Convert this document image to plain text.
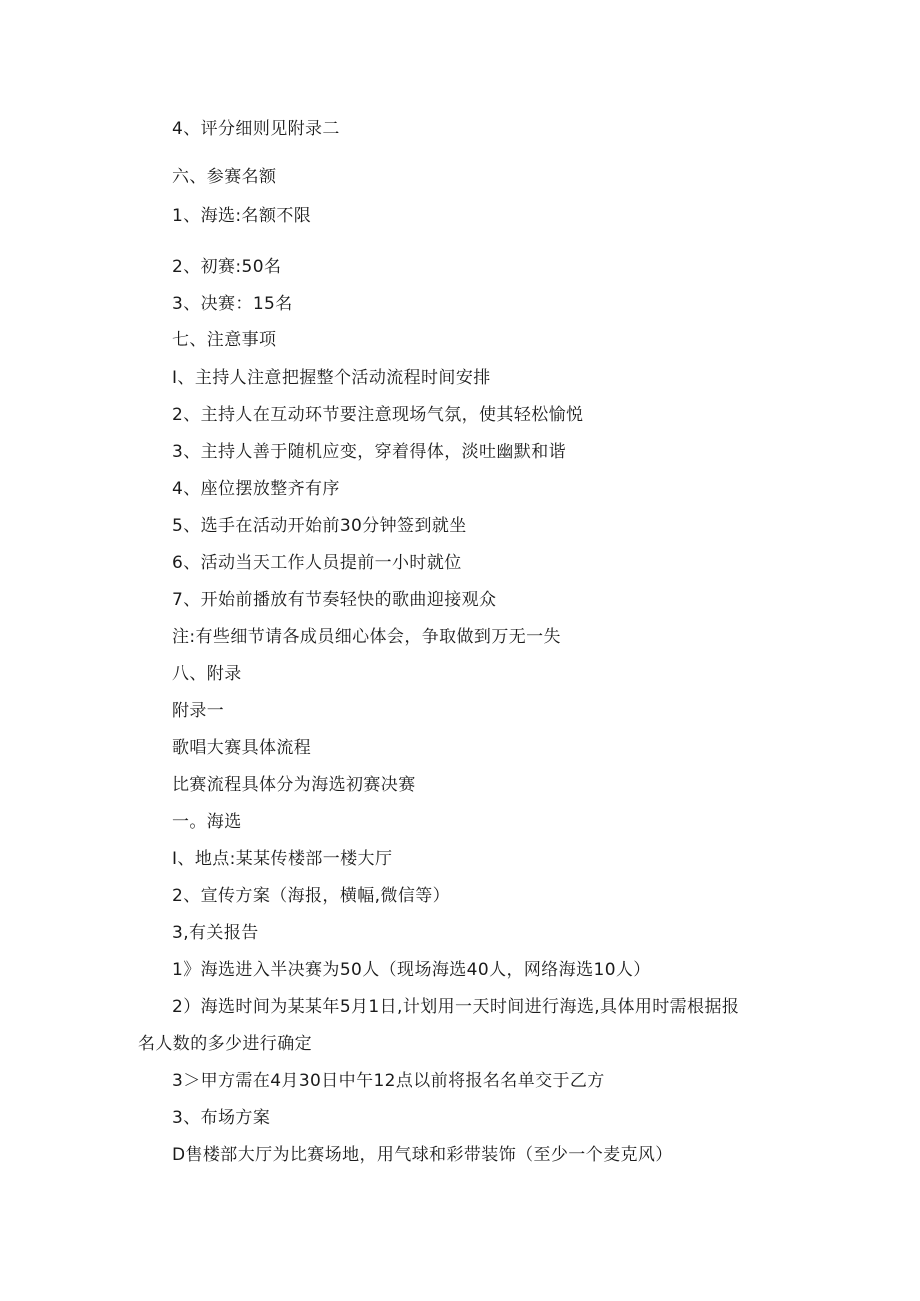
4、评分细则见附录二
六、参赛名额
1、海选:名额不限
2、初赛:50名
3、决赛：15名
七、注意事项
I、主持人注意把握整个活动流程时间安排
2、主持人在互动环节要注意现场气氛，使其轻松愉悦
3、主持人善于随机应变，穿着得体，淡吐幽默和谐
4、座位摆放整齐有序
5、选手在活动开始前30分钟签到就坐
6、活动当天工作人员提前一小时就位
7、开始前播放有节奏轻快的歌曲迎接观众
注:有些细节请各成员细心体会，争取做到万无一失
八、附录
附录一
歌唱大赛具体流程
比赛流程具体分为海选初赛决赛
一。海选
I、地点:某某传楼部一楼大厅
2、宣传方案（海报，横幅,微信等）
3,有关报告
1》海选进入半决赛为50人（现场海选40人，网络海选10人）
2）海选时间为某某年5月1日,计划用一天时间进行海选,具体用时需根据报
名人数的多少进行确定
3＞甲方需在4月30日中午12点以前将报名名单交于乙方
3、布场方案
D售楼部大厅为比赛场地，用气球和彩带装饰（至少一个麦克风）
